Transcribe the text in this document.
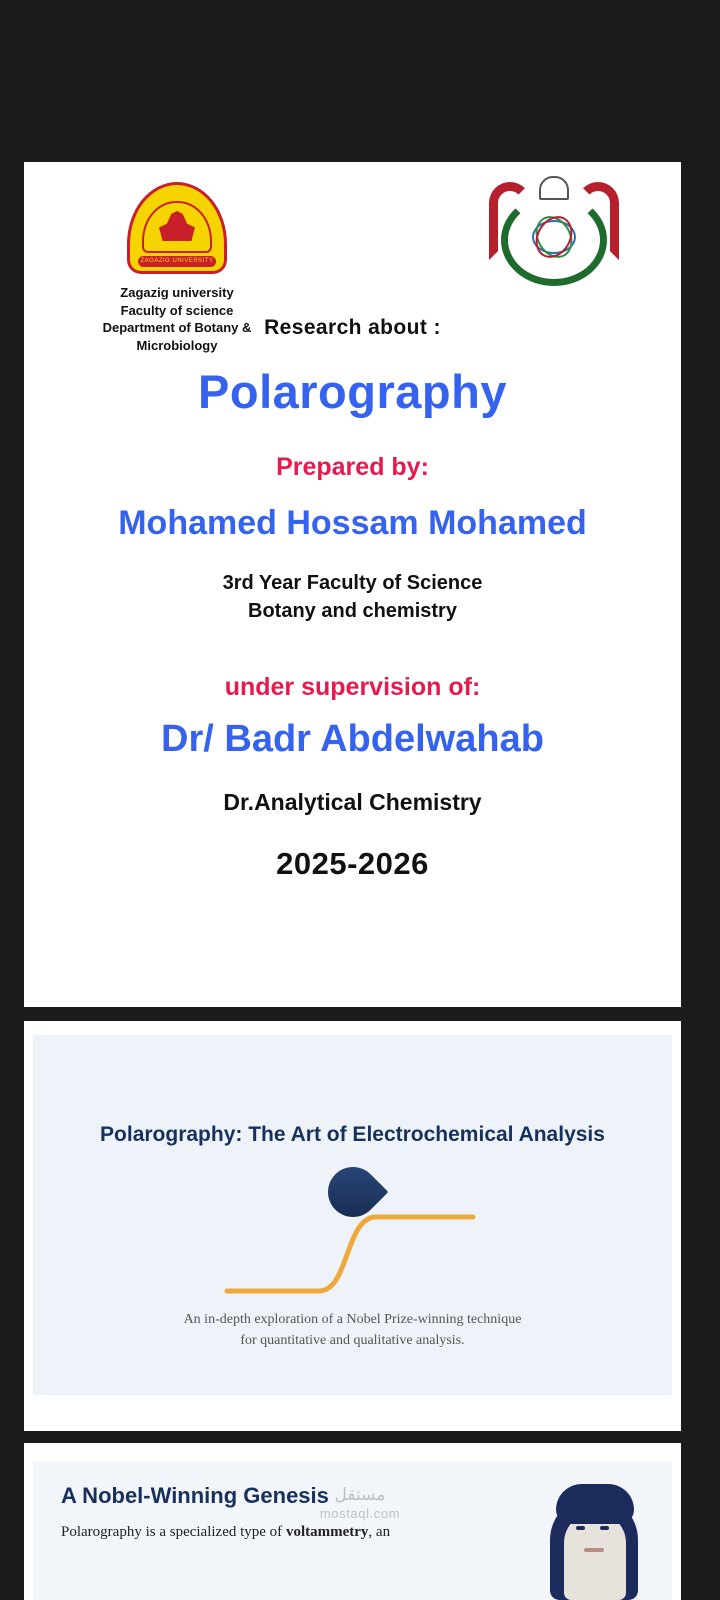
ZAGAZIG UNIVERSITY
Zagazig university
Faculty of science
Department of Botany &
Microbiology
Research about :
Polarography
Prepared by:
Mohamed Hossam Mohamed
3rd Year Faculty of Science
Botany and chemistry
under supervision of:
Dr/ Badr Abdelwahab
Dr.Analytical Chemistry
2025-2026
Polarography: The Art of Electrochemical Analysis
An in-depth exploration of a Nobel Prize-winning technique
for quantitative and qualitative analysis.
A Nobel-Winning Genesis
Polarography is a specialized type of voltammetry, an
مستقل
mostaql.com
